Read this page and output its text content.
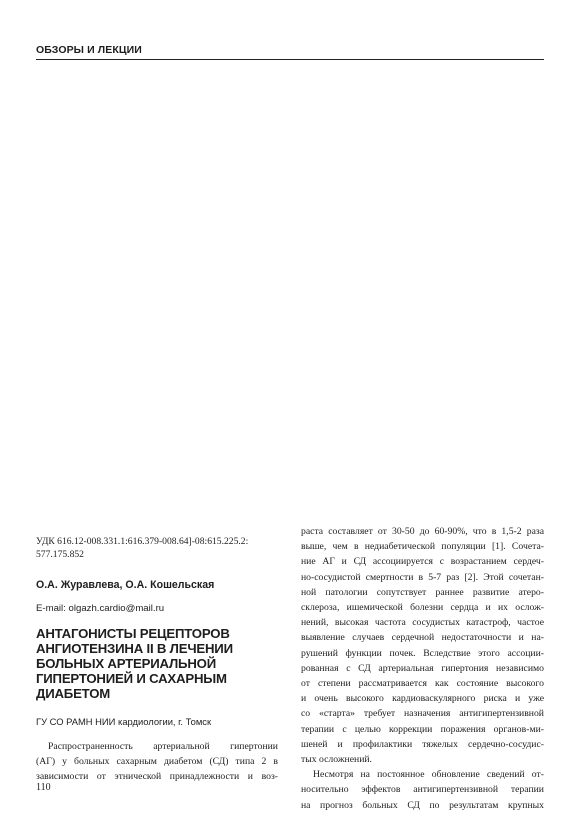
ОБЗОРЫ И ЛЕКЦИИ

УДК 616.12-008.331.1:616.379-008.64]-08:615.225.2:
577.175.852

О.А. Журавлева, О.А. Кошельская

E-mail: olgazh.cardio@mail.ru

АНТАГОНИСТЫ РЕЦЕПТОРОВ
АНГИОТЕНЗИНА II В ЛЕЧЕНИИ
БОЛЬНЫХ АРТЕРИАЛЬНОЙ
ГИПЕРТОНИЕЙ И САХАРНЫМ
ДИАБЕТОМ

ГУ СО РАМН НИИ кардиологии, г. Томск

Распространенность артериальной гипертонии
(АГ) у больных сахарным диабетом (СД) типа 2 в
зависимости от этнической принадлежности и воз-
раста составляет от 30-50 до 60-90%, что в 1,5-2 раза
выше, чем в недиабетической популяции [1]. Сочета-
ние АГ и СД ассоциируется с возрастанием сердеч-
но-сосудистой смертности в 5-7 раз [2]. Этой сочетан-
ной патологии сопутствует раннее развитие атеро-
склероза, ишемической болезни сердца и их ослож-
нений, высокая частота сосудистых катастроф, частое
выявление случаев сердечной недостаточности и на-
рушений функции почек. Вследствие этого ассоции-
рованная с СД артериальная гипертония независимо
от степени рассматривается как состояние высокого
и очень высокого кардиоваскулярного риска и уже
со «старта» требует назначения антигипертензивной
терапии с целью коррекции поражения органов-ми-
шеней и профилактики тяжелых сердечно-сосудис-
тых осложнений.
Несмотря на постоянное обновление сведений от-
носительно эффектов антигипертензивной терапии
на прогноз больных СД по результатам крупных
110
